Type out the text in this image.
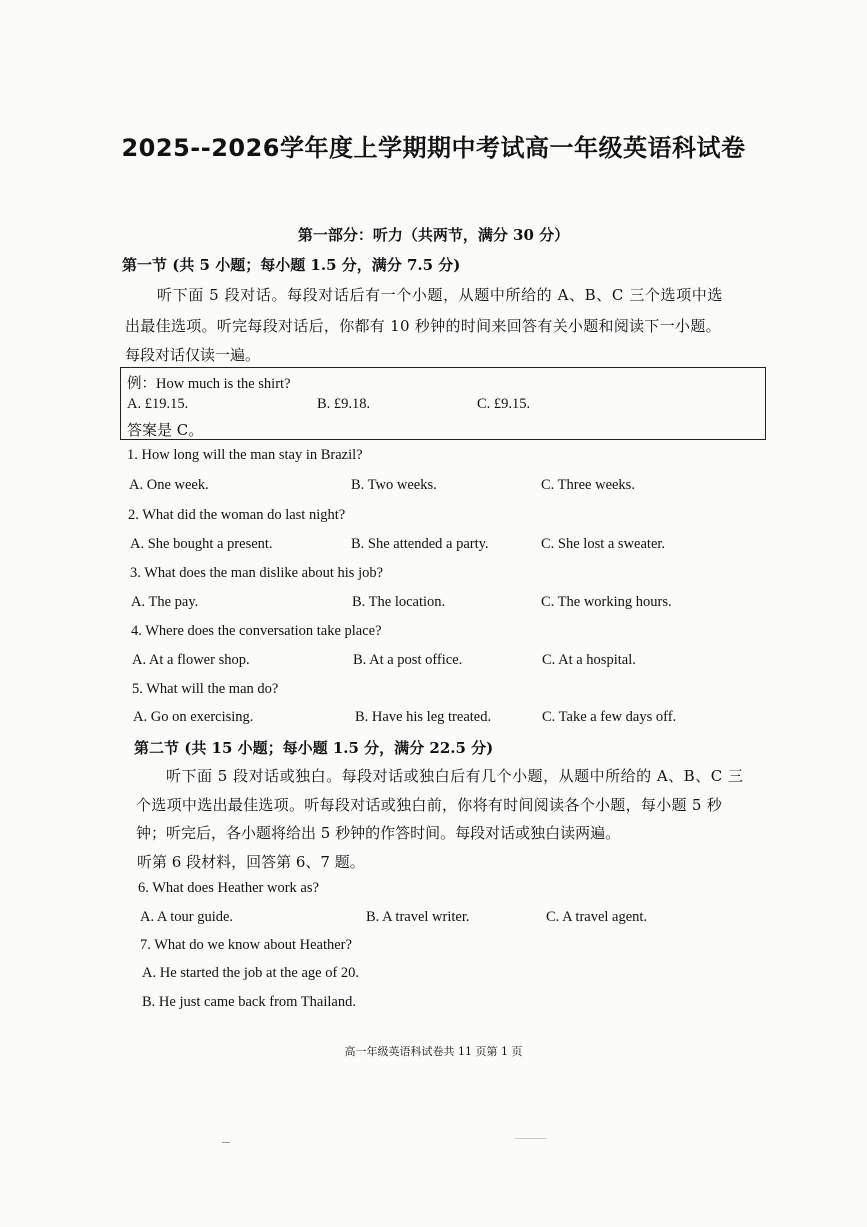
2025--2026学年度上学期期中考试高一年级英语科试卷
第一部分：听力（共两节，满分 30 分）
第一节 (共 5 小题；每小题 1.5 分，满分 7.5 分)
听下面 5 段对话。每段对话后有一个小题，从题中所给的 A、B、C 三个选项中选
出最佳选项。听完每段对话后，你都有 10 秒钟的时间来回答有关小题和阅读下一小题。
每段对话仅读一遍。
例：How much is the shirt?
A. £19.15.	B. £9.18.	C. £9.15.
答案是 C。
1. How long will the man stay in Brazil?
A. One week.	B. Two weeks.	C. Three weeks.
2. What did the woman do last night?
A. She bought a present.	B. She attended a party.	C. She lost a sweater.
3. What does the man dislike about his job?
A. The pay.	B. The location.	C. The working hours.
4. Where does the conversation take place?
A. At a flower shop.	B. At a post office.	C. At a hospital.
5. What will the man do?
A. Go on exercising.	B. Have his leg treated.	C. Take a few days off.
第二节 (共 15 小题；每小题 1.5 分，满分 22.5 分)
听下面 5 段对话或独白。每段对话或独白后有几个小题，从题中所给的 A、B、C 三
个选项中选出最佳选项。听每段对话或独白前，你将有时间阅读各个小题，每小题 5 秒
钟；听完后，各小题将给出 5 秒钟的作答时间。每段对话或独白读两遍。
听第 6 段材料，回答第 6、7 题。
6. What does Heather work as?
A. A tour guide.	B. A travel writer.	C. A travel agent.
7. What do we know about Heather?
A. He started the job at the age of 20.
B. He just came back from Thailand.
高一年级英语科试卷共 11 页第 1 页
